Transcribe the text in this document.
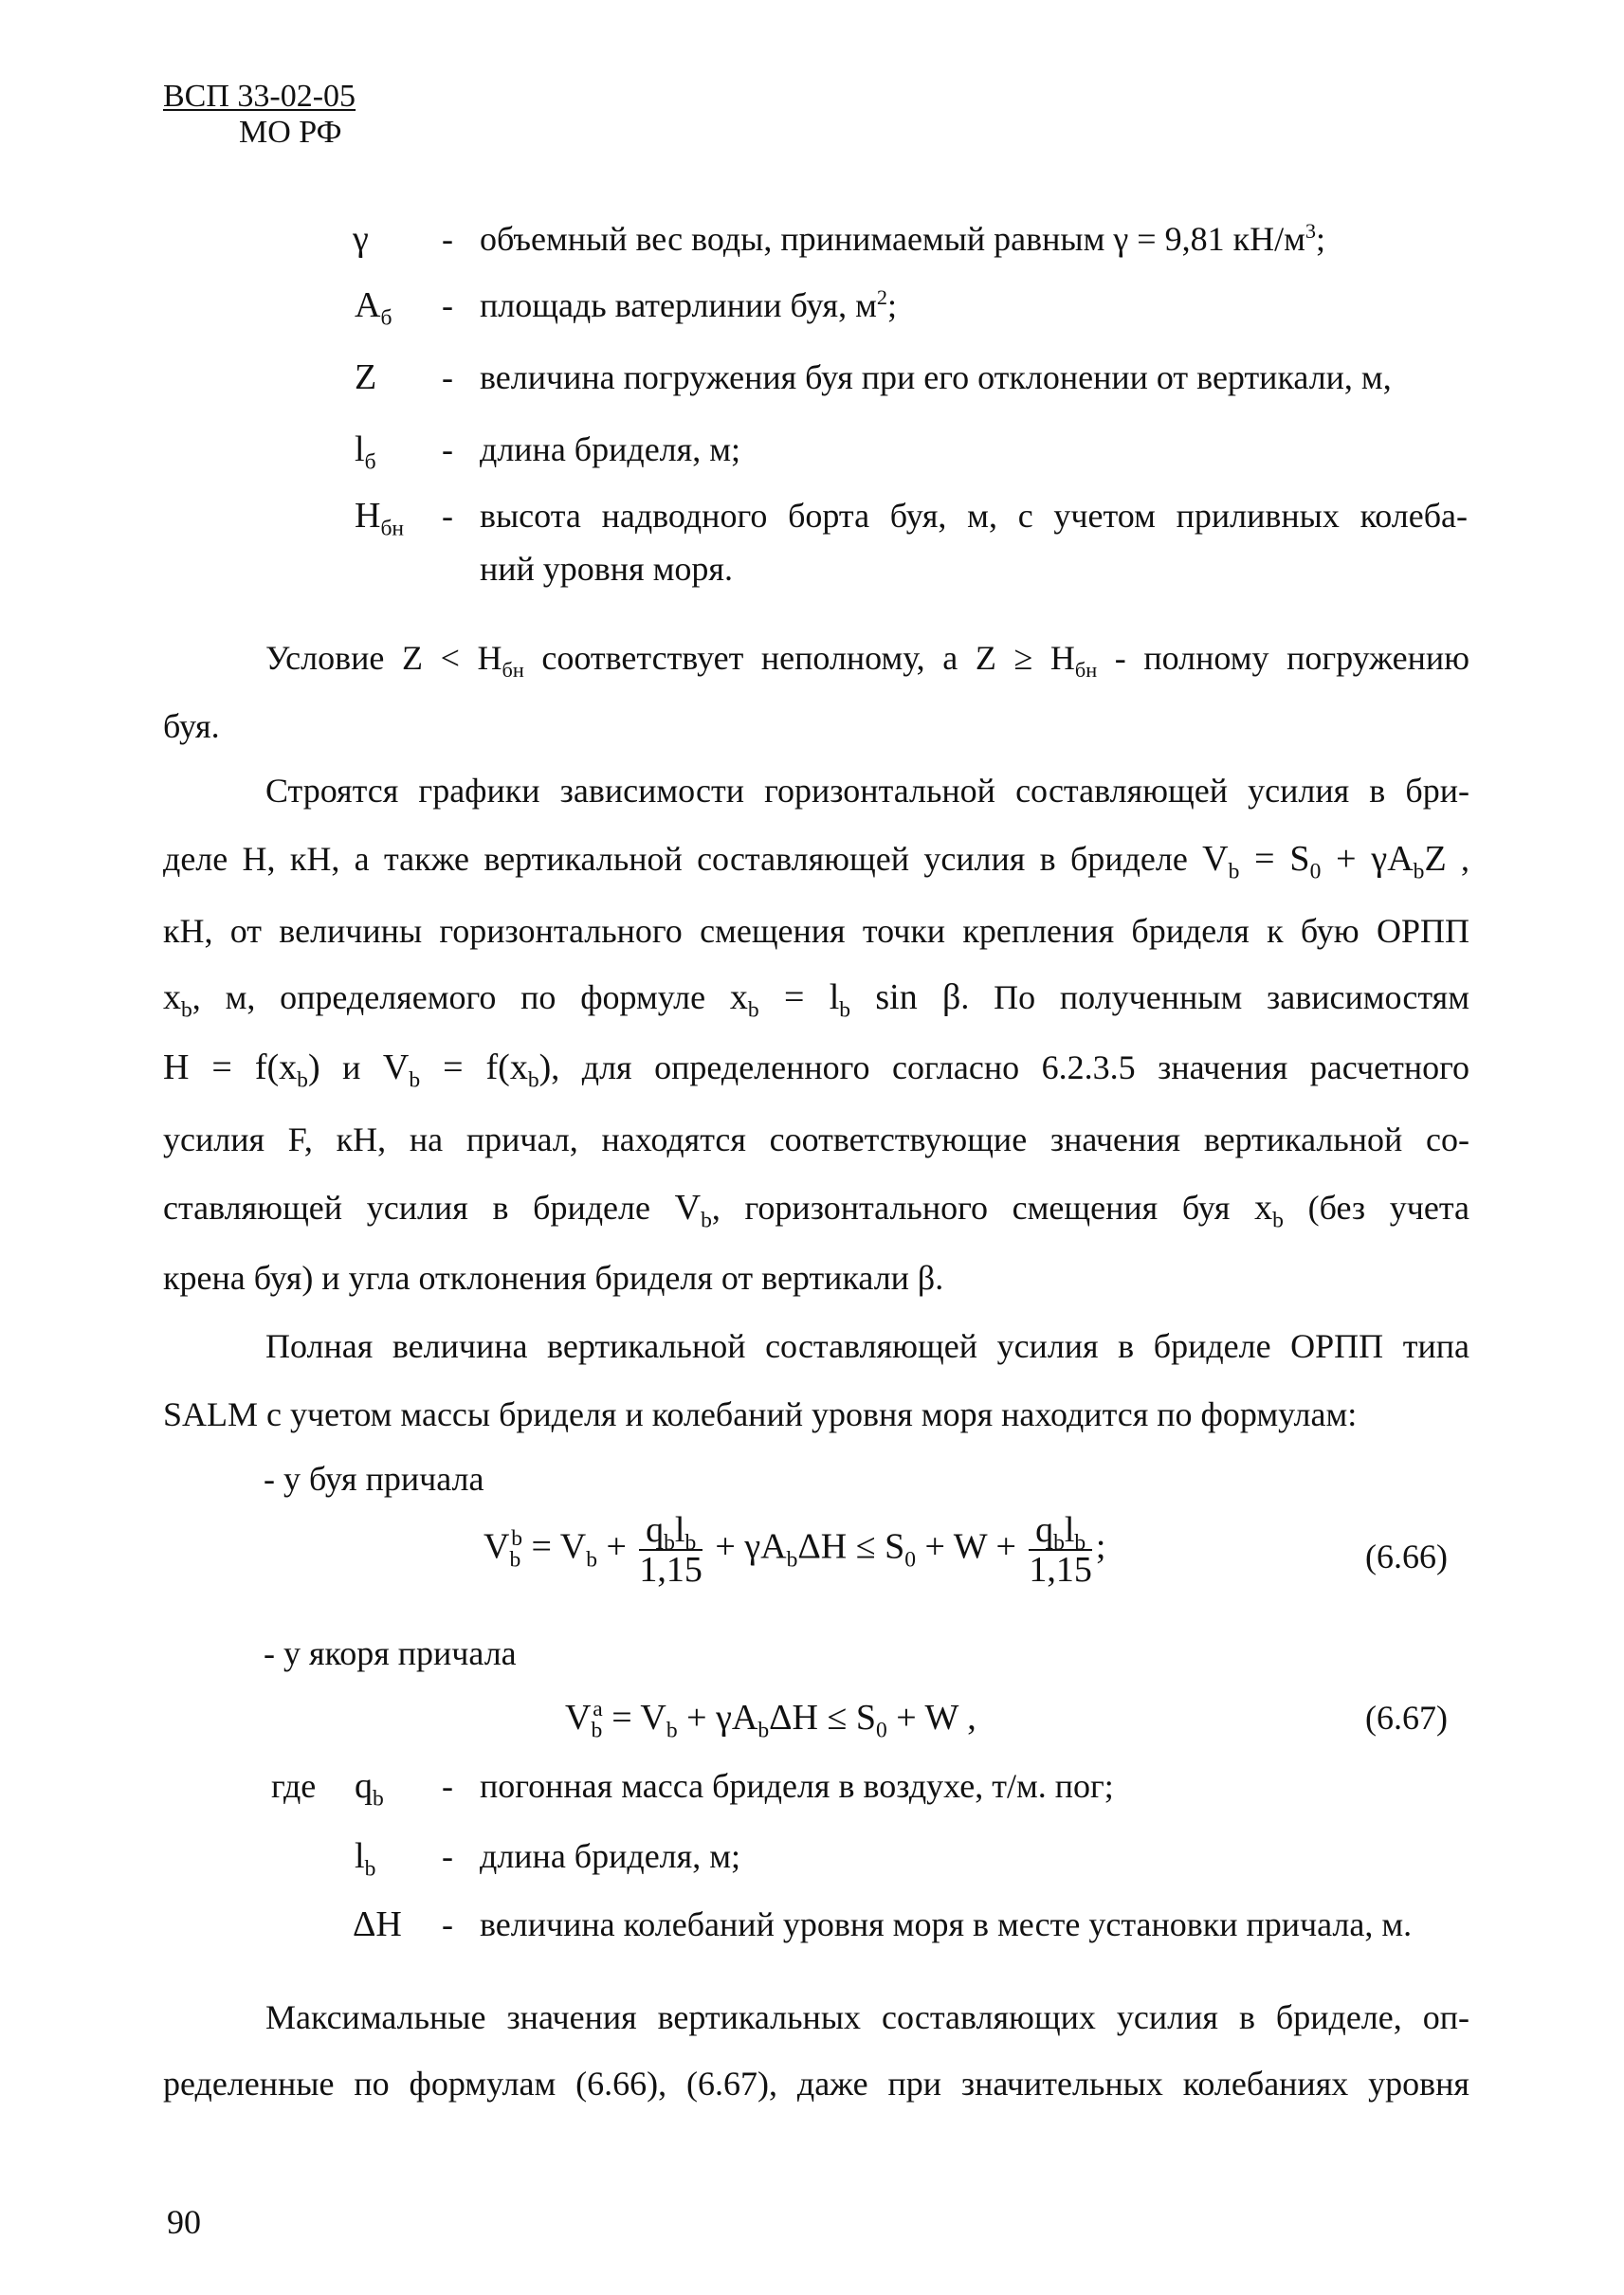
ВСП 33-02-05
МО РФ
γ - объемный вес воды, принимаемый равным γ = 9,81 $кН/м^3$;
$A_б$ - площадь ватерлинии буя, $м^2$;
Z - величина погружения буя при его отклонении от вертикали, м,
$l_б$ - длина бриделя, м;
$H_{бн}$ - высота надводного борта буя, м, с учетом приливных колеба-
ний уровня моря.
Условие $Z < H_{бн}$ соответствует неполному, а $Z \ge H_{бн}$ - полному погружению
буя.
Строятся графики зависимости горизонтальной составляющей усилия в бри-
деле H, кН, а также вертикальной составляющей усилия в бриделе $V_b = S_0 + \gamma A_bZ$ ,
кН, от величины горизонтального смещения точки крепления бриделя к бую ОРПП
$x_b$, м, определяемого по формуле $x_b = l_b$ sin β. По полученным зависимостям
$H = f(x_b)$ и $V_b = f(x_b)$, для определенного согласно 6.2.3.5 значения расчетного
усилия F, кН, на причал, находятся соответствующие значения вертикальной со-
ставляющей усилия в бриделе $V_b$, горизонтального смещения буя $x_b$ (без учета
крена буя) и угла отклонения бриделя от вертикали β.
Полная величина вертикальной составляющей усилия в бриделе ОРПП типа
SALM с учетом массы бриделя и колебаний уровня моря находится по формулам:
- у буя причала
$V_b^b = V_b + \frac{q_bl_b}{1,15} + \gamma A_b\Delta H \le S_0 + W + \frac{q_bl_b}{1,15}$ ;	(6.66)
- у якоря причала
$V_b^a = V_b + \gamma A_b\Delta H \le S_0 + W$ ,	(6.67)
где $q_b$ - погонная масса бриделя в воздухе, т/м. пог;
$l_b$ - длина бриделя, м;
ΔH - величина колебаний уровня моря в месте установки причала, м.
Максимальные значения вертикальных составляющих усилия в бриделе, оп-
ределенные по формулам (6.66), (6.67), даже при значительных колебаниях уровня
90
